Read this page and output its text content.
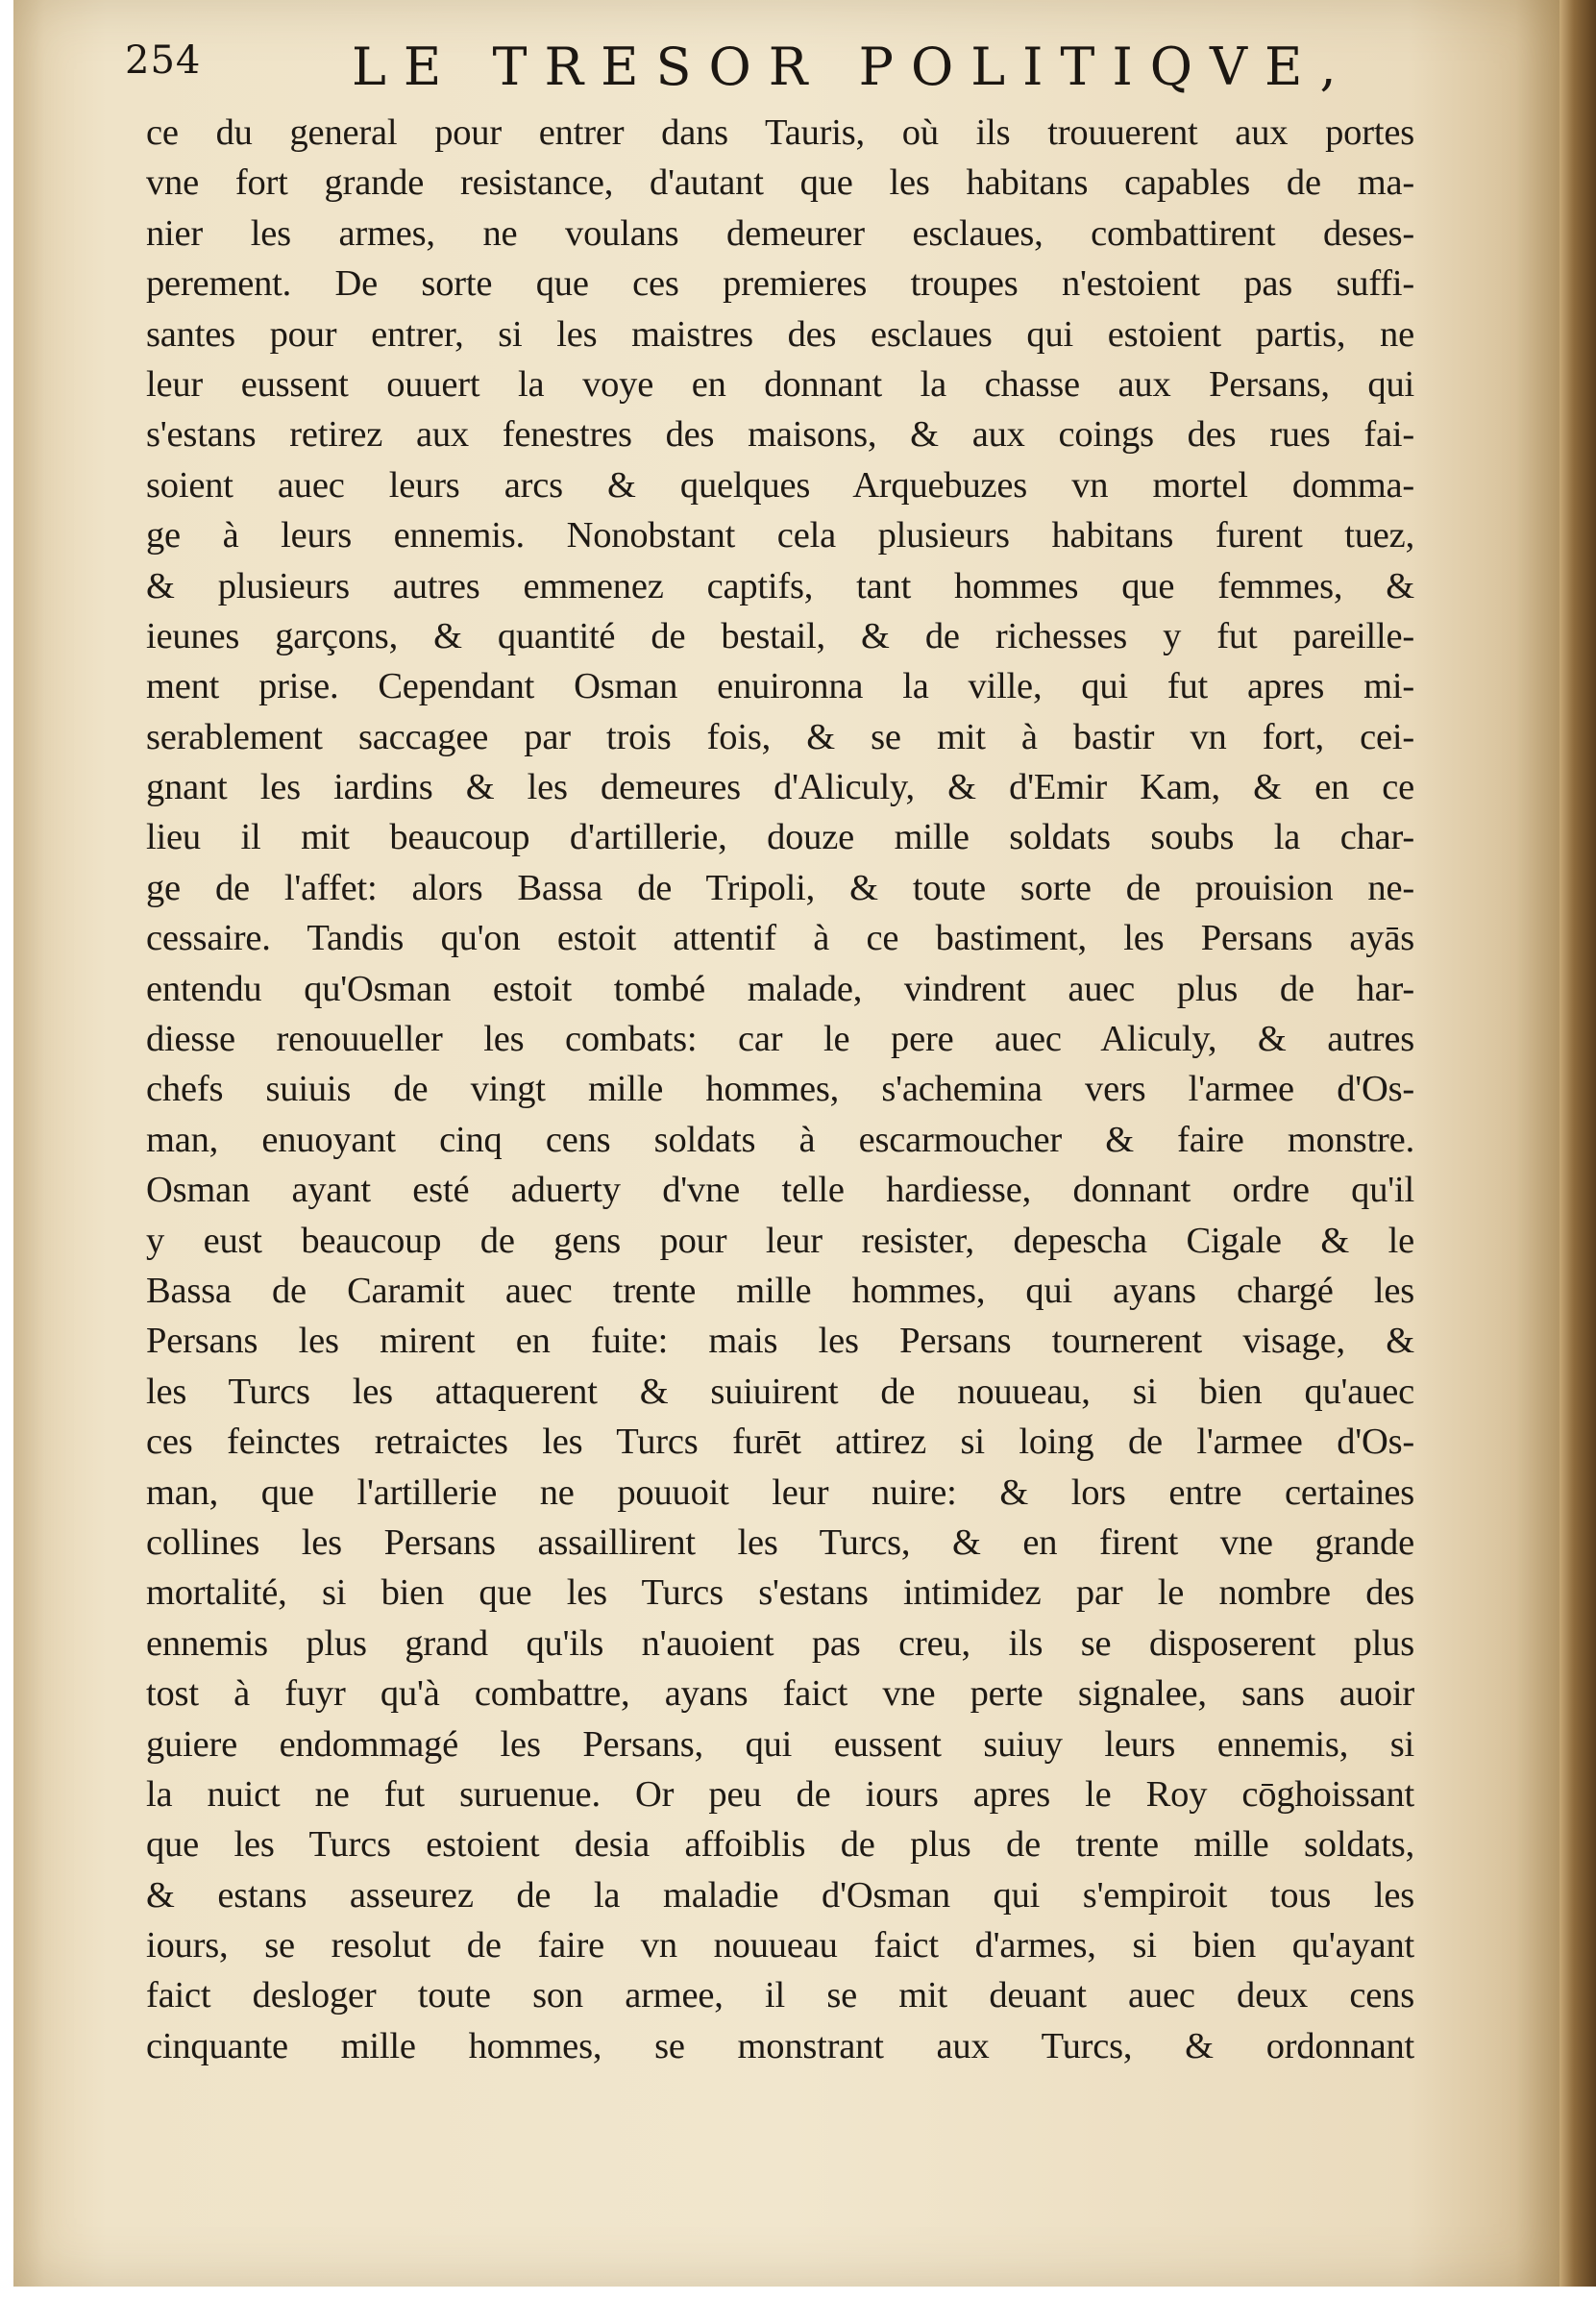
254	LE TRESOR POLITIQVE,
ce du general pour entrer dans Tauris, où ils trouuerent aux portes
vne fort grande resistance, d'autant que les habitans capables de ma-
nier les armes, ne voulans demeurer esclaues, combattirent deses-
perement. De sorte que ces premieres troupes n'estoient pas suffi-
santes pour entrer, si les maistres des esclaues qui estoient partis, ne
leur eussent ouuert la voye en donnant la chasse aux Persans, qui
s'estans retirez aux fenestres des maisons, & aux coings des rues fai-
soient auec leurs arcs & quelques Arquebuzes vn mortel domma-
ge à leurs ennemis. Nonobstant cela plusieurs habitans furent tuez,
& plusieurs autres emmenez captifs, tant hommes que femmes, &
ieunes garçons, & quantité de bestail, & de richesses y fut pareille-
ment prise. Cependant Osman enuironna la ville, qui fut apres mi-
serablement saccagee par trois fois, & se mit à bastir vn fort, cei-
gnant les iardins & les demeures d'Aliculy, & d'Emir Kam, & en ce
lieu il mit beaucoup d'artillerie, douze mille soldats soubs la char-
ge de l'affet: alors Bassa de Tripoli, & toute sorte de prouision ne-
cessaire. Tandis qu'on estoit attentif à ce bastiment, les Persans ayās
entendu qu'Osman estoit tombé malade, vindrent auec plus de har-
diesse renouueller les combats: car le pere auec Aliculy, & autres
chefs suiuis de vingt mille hommes, s'achemina vers l'armee d'Os-
man, enuoyant cinq cens soldats à escarmoucher & faire monstre.
Osman ayant esté aduerty d'vne telle hardiesse, donnant ordre qu'il
y eust beaucoup de gens pour leur resister, depescha Cigale & le
Bassa de Caramit auec trente mille hommes, qui ayans chargé les
Persans les mirent en fuite: mais les Persans tournerent visage, &
les Turcs les attaquerent & suiuirent de nouueau, si bien qu'auec
ces feinctes retraictes les Turcs furēt attirez si loing de l'armee d'Os-
man, que l'artillerie ne pouuoit leur nuire: & lors entre certaines
collines les Persans assaillirent les Turcs, & en firent vne grande
mortalité, si bien que les Turcs s'estans intimidez par le nombre des
ennemis plus grand qu'ils n'auoient pas creu, ils se disposerent plus
tost à fuyr qu'à combattre, ayans faict vne perte signalee, sans auoir
guiere endommagé les Persans, qui eussent suiuy leurs ennemis, si
la nuict ne fut suruenue. Or peu de iours apres le Roy cōghoissant
que les Turcs estoient desia affoiblis de plus de trente mille soldats,
& estans asseurez de la maladie d'Osman qui s'empiroit tous les
iours, se resolut de faire vn nouueau faict d'armes, si bien qu'ayant
faict desloger toute son armee, il se mit deuant auec deux cens
cinquante mille hommes, se monstrant aux Turcs, & ordonnant
